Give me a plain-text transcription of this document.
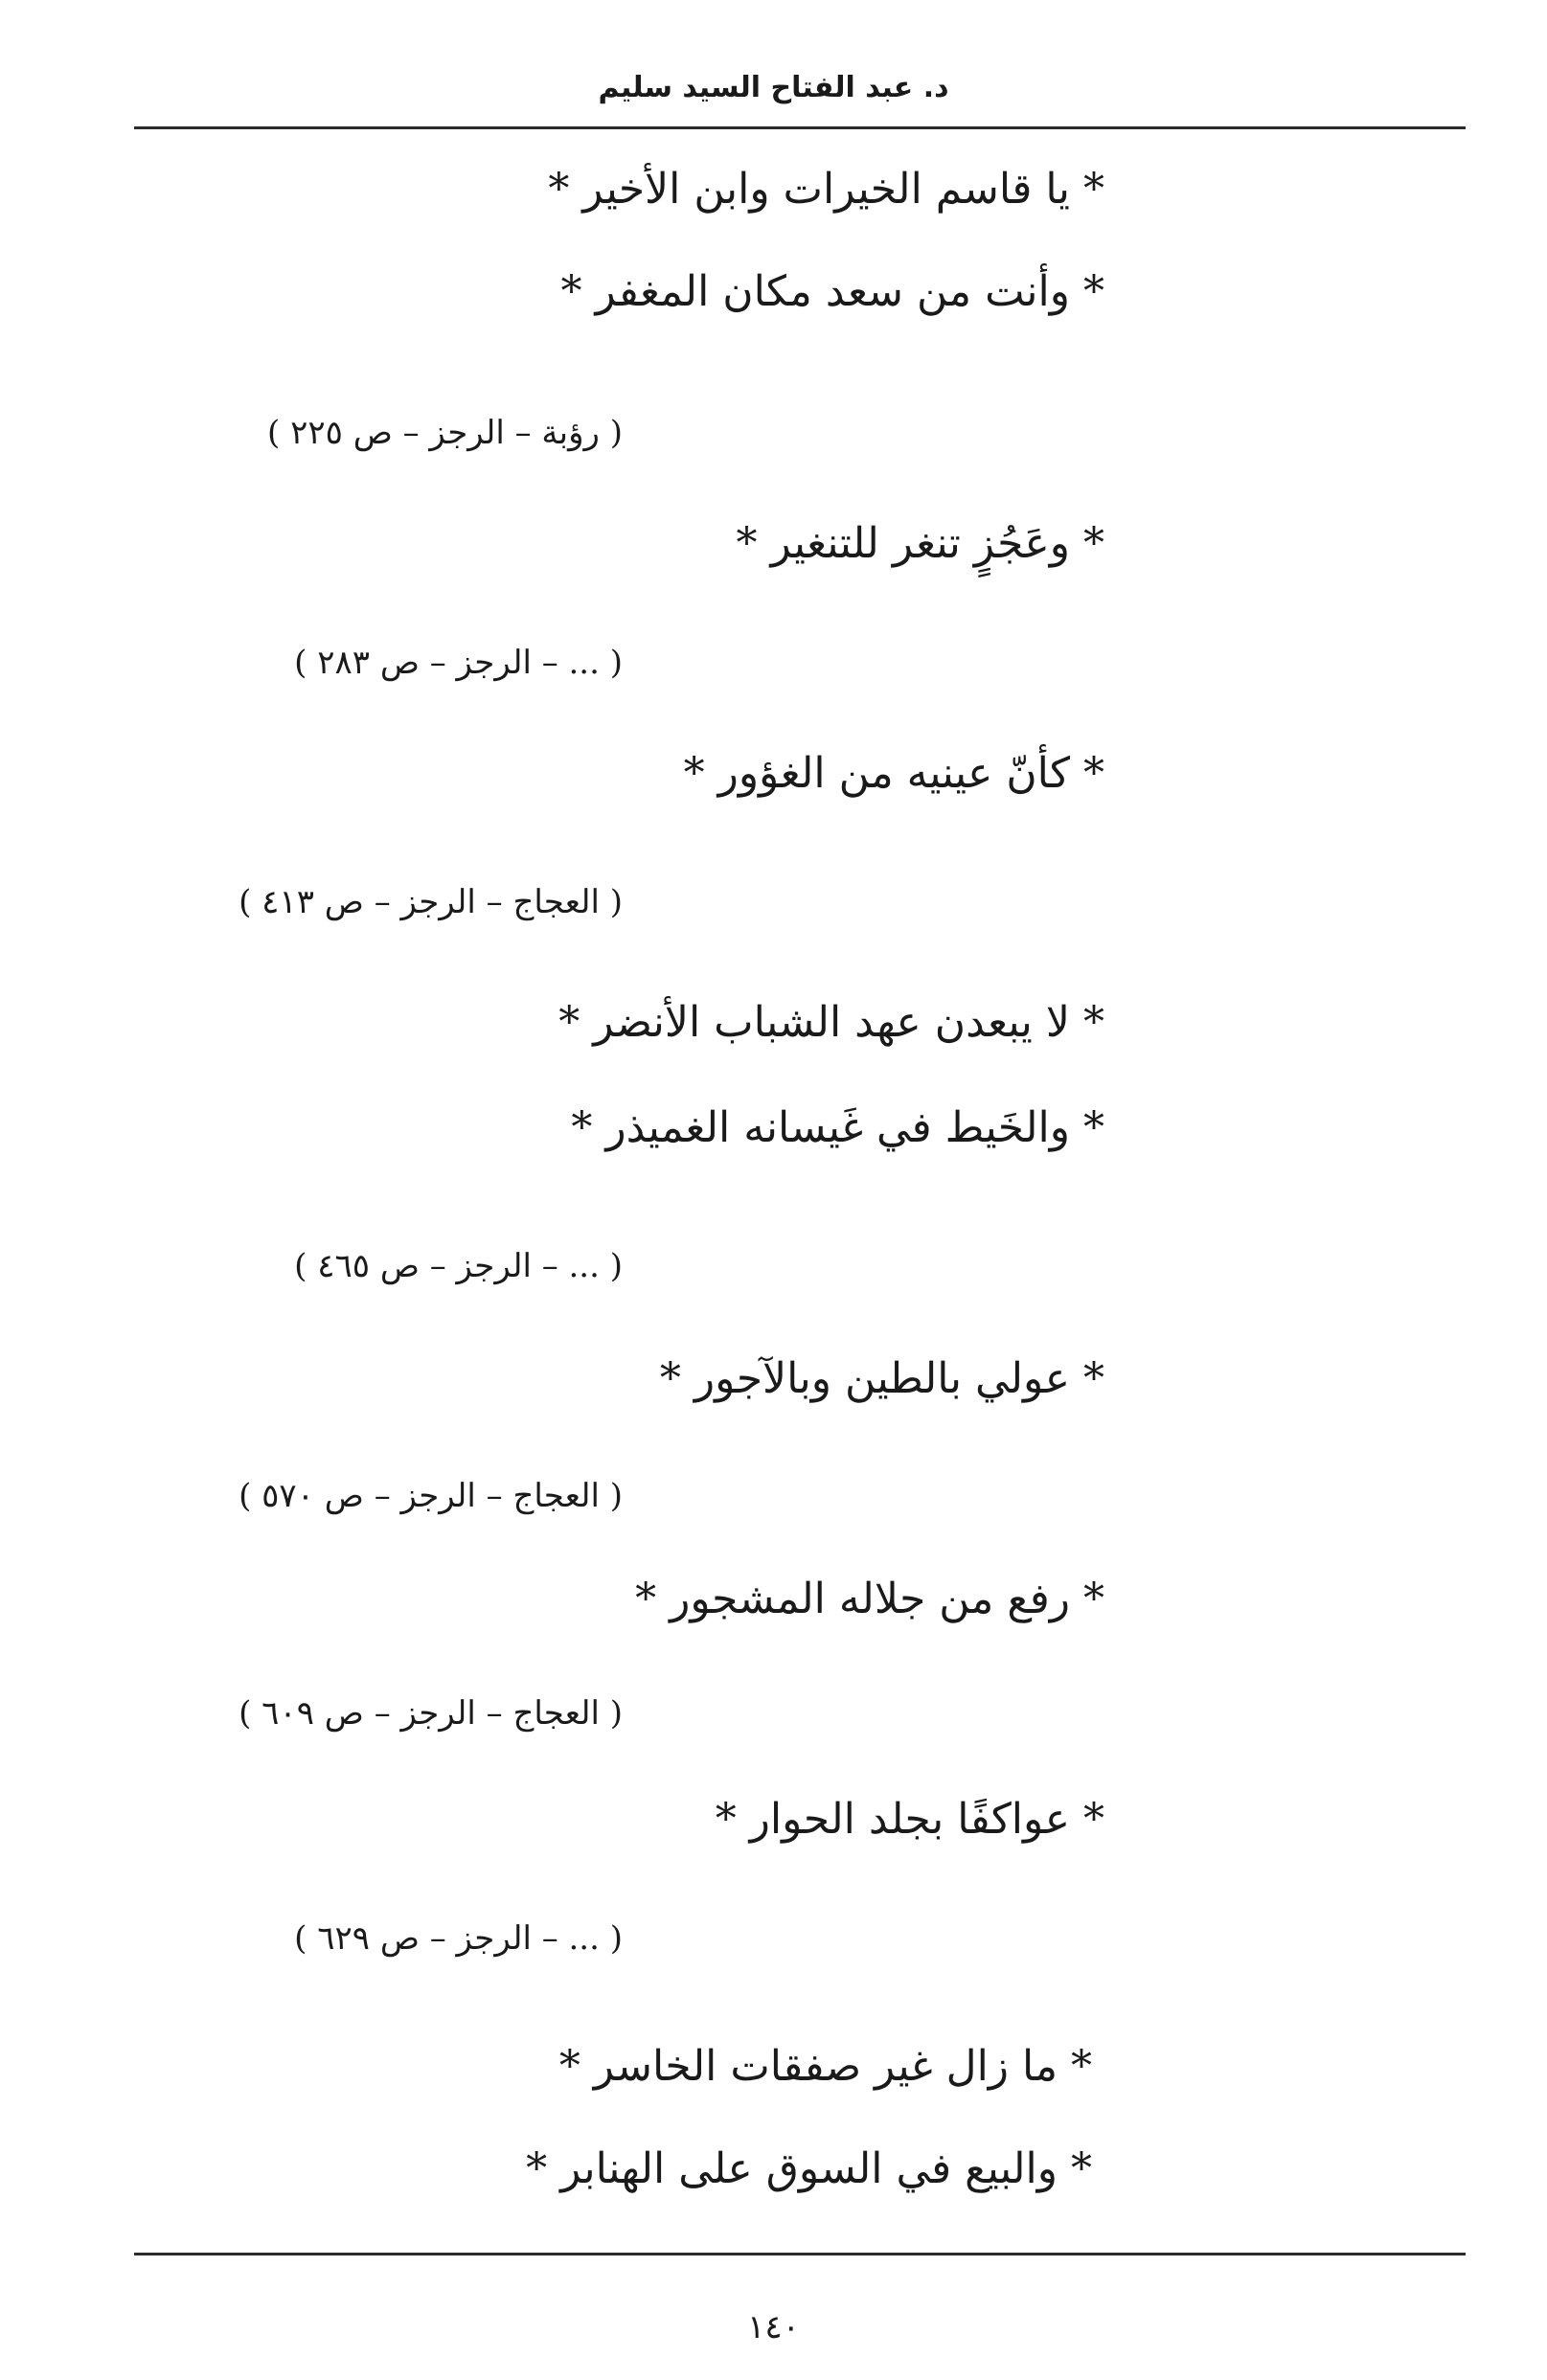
د. عبد الفتاح السيد سليم
* يا قاسم الخيرات وابن الأخير *
* وأنت من سعد مكان المغفر *
( رؤبة – الرجز – ص ٢٢٥ )
* وعَجُزٍ تنغر للتنغير *
( ... – الرجز – ص ٢٨٣ )
* كأنّ عينيه من الغؤور *
( العجاج – الرجز – ص ٤١٣ )
* لا يبعدن عهد الشباب الأنضر *
* والخَيط في غَيسانه الغميذر *
( ... – الرجز – ص ٤٦٥ )
* عولي بالطين وبالآجور *
( العجاج – الرجز – ص ٥٧٠ )
* رفع من جلاله المشجور *
( العجاج – الرجز – ص ٦٠٩ )
* عواكفًا بجلد الحوار *
( ... – الرجز – ص ٦٢٩ )
* ما زال غير صفقات الخاسر *
* والبيع في السوق على الهنابر *
١٤٠
